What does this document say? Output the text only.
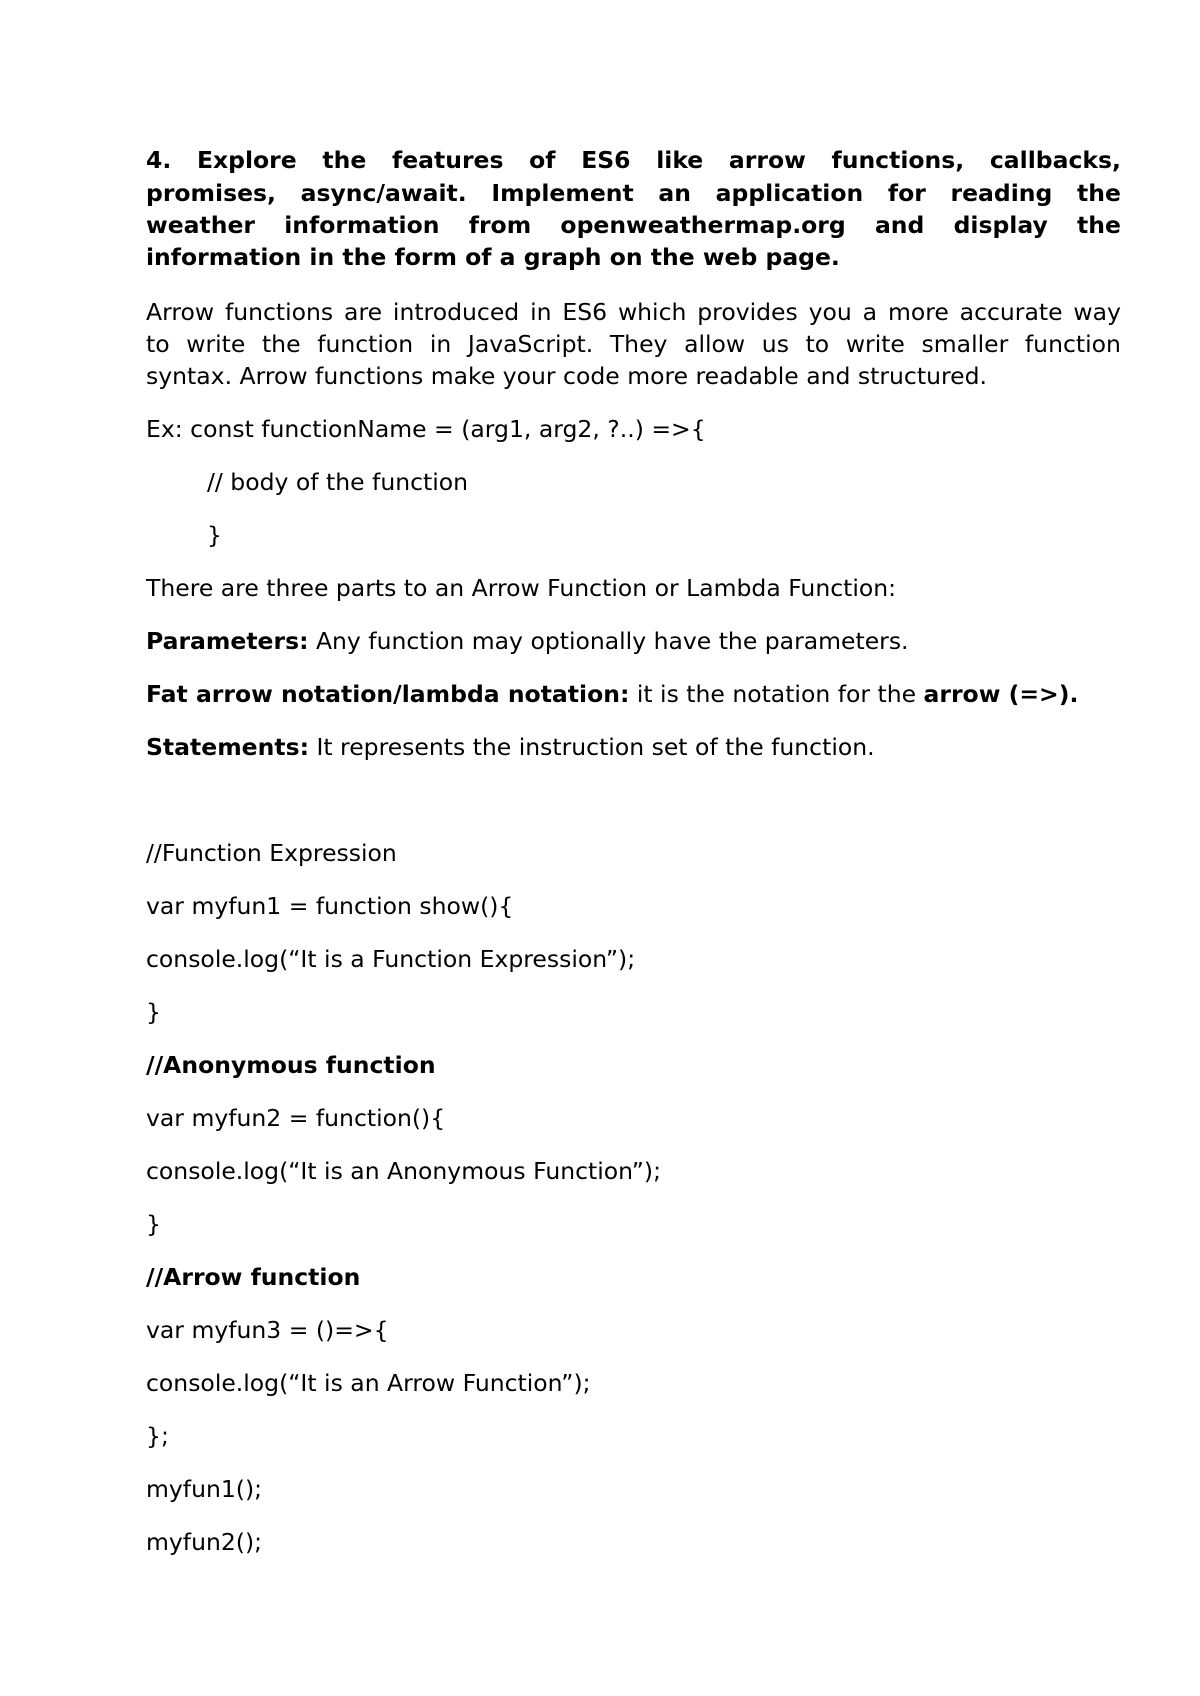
4. Explore the features of ES6 like arrow functions, callbacks,
promises, async/await. Implement an application for reading the
weather information from openweathermap.org and display the
information in the form of a graph on the web page.
Arrow functions are introduced in ES6 which provides you a more accurate way
to write the function in JavaScript. They allow us to write smaller function
syntax. Arrow functions make your code more readable and structured.
Ex: const functionName = (arg1, arg2, ?..) =>{
// body of the function
}
There are three parts to an Arrow Function or Lambda Function:
Parameters: Any function may optionally have the parameters.
Fat arrow notation/lambda notation: it is the notation for the arrow (=>).
Statements: It represents the instruction set of the function.
//Function Expression
var myfun1 = function show(){
console.log(“It is a Function Expression”);
}
//Anonymous function
var myfun2 = function(){
console.log(“It is an Anonymous Function”);
}
//Arrow function
var myfun3 = ()=>{
console.log(“It is an Arrow Function”);
};
myfun1();
myfun2();
